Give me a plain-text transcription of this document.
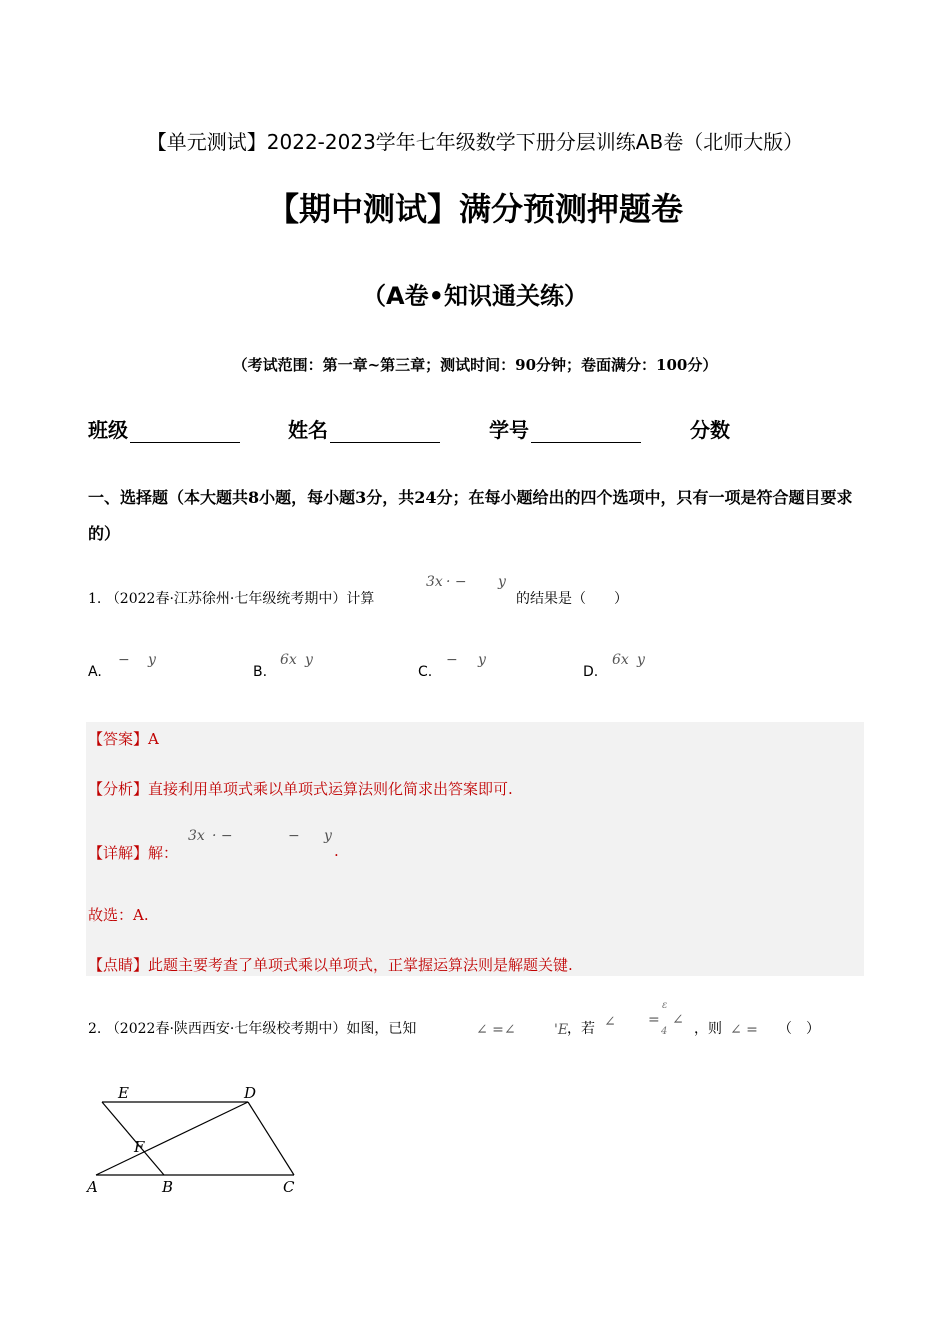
【单元测试】2022-2023学年七年级数学下册分层训练AB卷（北师大版）
【期中测试】满分预测押题卷
（A卷•知识通关练）
（考试范围：第一章~第三章；测试时间：90分钟；卷面满分：100分）
班级	姓名	学号	分数
一、选择题（本大题共8小题，每小题3分，共24分；在每小题给出的四个选项中，只有一项是符合题目要求的）
1. （2022春·江苏徐州·七年级统考期中）计算
3x · − y
的结果是（　　）
A.
− y
B.
6x y
C.
− y
D.
6x y
【答案】A
【分析】直接利用单项式乘以单项式运算法则化简求出答案即可.
【详解】解：
3x · −	− y
.
故选：A.
【点睛】此题主要考查了单项式乘以单项式，正掌握运算法则是解题关键.
2. （2022春·陕西西安·七年级校考期中）如图，已知	∠ =∠	'E
，若 ∠
ε
4
= ∠
，则 ∠ = （　）
E	D
F
A	B	C
